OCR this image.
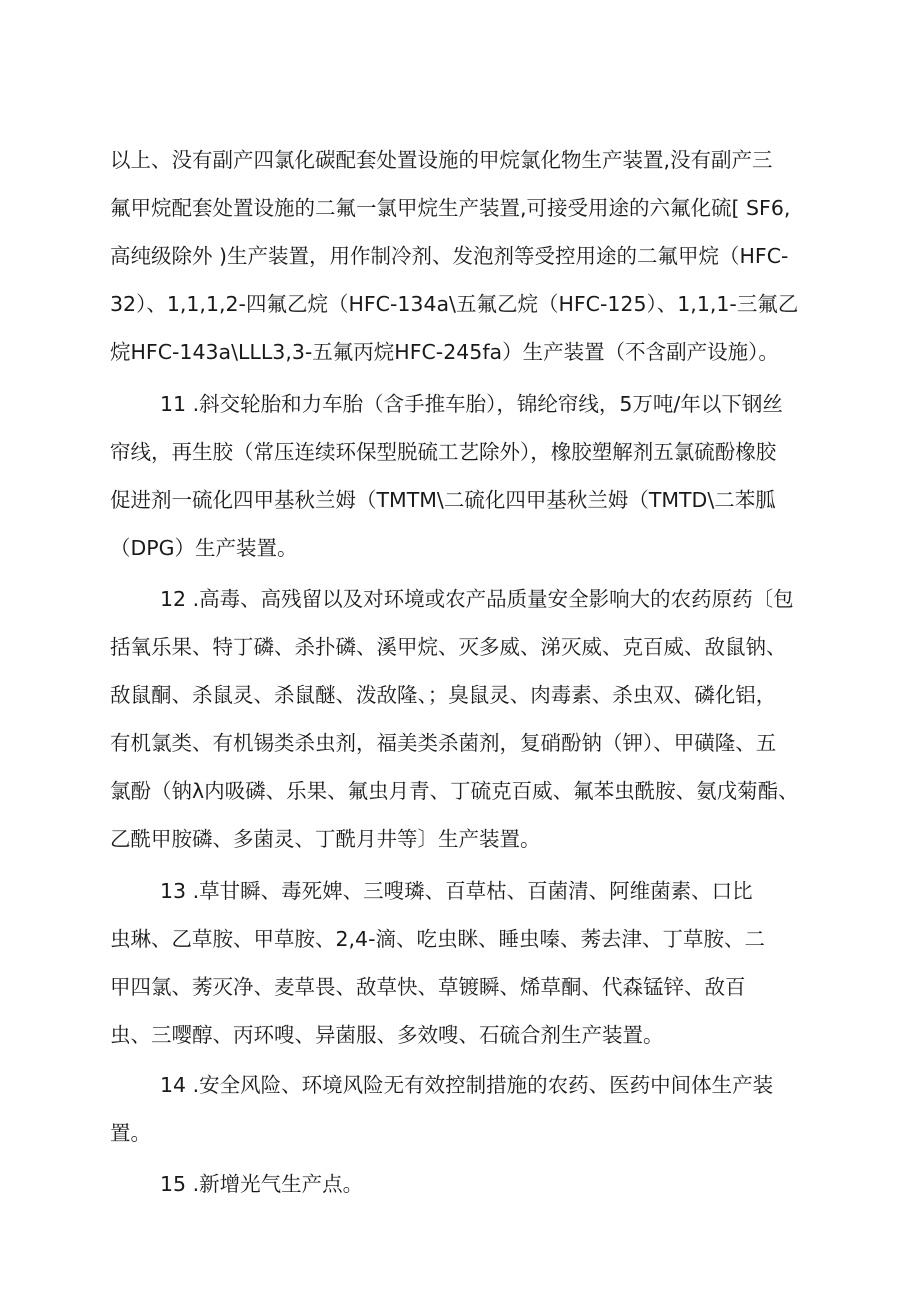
以上、没有副产四氯化碳配套处置设施的甲烷氯化物生产装置,没有副产三
氟甲烷配套处置设施的二氟一氯甲烷生产装置,可接受用途的六氟化硫[ SF6,
高纯级除外 )生产装置，用作制冷剂、发泡剂等受控用途的二氟甲烷（HFC-
32）、1,1,1,2-四氟乙烷（HFC-134a\五氟乙烷（HFC-125）、1,1,1-三氟乙
烷HFC-143a\LLL3,3-五氟丙烷HFC-245fa）生产装置（不含副产设施）。
11 .斜交轮胎和力车胎（含手推车胎），锦纶帘线，5万吨/年以下钢丝
帘线，再生胶（常压连续环保型脱硫工艺除外），橡胶塑解剂五氯硫酚橡胶
促进剂一硫化四甲基秋兰姆（TMTM\二硫化四甲基秋兰姆（TMTD\二苯胍
（DPG）生产装置。
12 .高毒、高残留以及对环境或农产品质量安全影响大的农药原药〔包
括氧乐果、特丁磷、杀扑磷、溪甲烷、灭多威、涕灭威、克百威、敌鼠钠、
敌鼠酮、杀鼠灵、杀鼠醚、泼敌隆、；臭鼠灵、肉毒素、杀虫双、磷化铝，
有机氯类、有机锡类杀虫剂，福美类杀菌剂，复硝酚钠（钾）、甲磺隆、五
氯酚（钠λ内吸磷、乐果、氟虫月青、丁硫克百威、氟苯虫酰胺、氨戊菊酯、
乙酰甲胺磷、多菌灵、丁酰月井等〕生产装置。
13 .草甘瞬、毒死婢、三嗖璘、百草枯、百菌清、阿维菌素、口比
虫琳、乙草胺、甲草胺、2,4-滴、吃虫眯、睡虫嗪、莠去津、丁草胺、二
甲四氯、莠灭净、麦草畏、敌草快、草镀瞬、烯草酮、代森锰锌、敌百
虫、三嘤醇、丙环嗖、异菌服、多效嗖、石硫合剂生产装置。
14 .安全风险、环境风险无有效控制措施的农药、医药中间体生产装
置。
15 .新增光气生产点。
